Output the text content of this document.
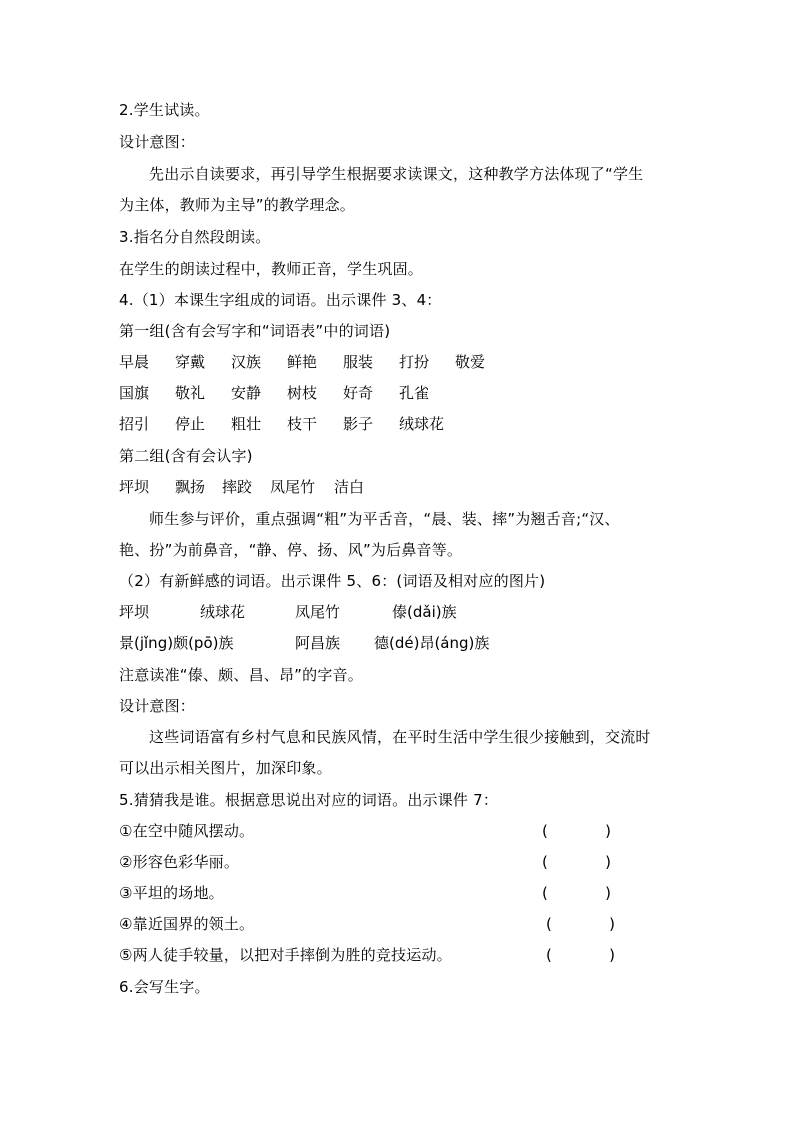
2.学生试读。
设计意图：
先出示自读要求，再引导学生根据要求读课文，这种教学方法体现了“学生
为主体，教师为主导”的教学理念。
3.指名分自然段朗读。
在学生的朗读过程中，教师正音，学生巩固。
4.（1）本课生字组成的词语。出示课件 3、4：
第一组(含有会写字和“词语表”中的词语)
早晨 穿戴 汉族 鲜艳 服装 打扮 敬爱
国旗 敬礼 安静 树枝 好奇 孔雀
招引 停止 粗壮 枝干 影子 绒球花
第二组(含有会认字)
坪坝 飘扬 摔跤 凤尾竹 洁白
师生参与评价，重点强调“粗”为平舌音，“晨、装、摔”为翘舌音;“汉、
艳、扮”为前鼻音，“静、停、扬、风”为后鼻音等。
（2）有新鲜感的词语。出示课件 5、6：(词语及相对应的图片)
坪坝	绒球花	凤尾竹	傣(dǎi)族
景(jǐng)颇(pō)族	阿昌族 德(dé)昂(áng)族
注意读准“傣、颇、昌、昂”的字音。
设计意图：
这些词语富有乡村气息和民族风情，在平时生活中学生很少接触到，交流时
可以出示相关图片，加深印象。
5.猜猜我是谁。根据意思说出对应的词语。出示课件 7：
①在空中随风摆动。	(            )
②形容色彩华丽。	(            )
③平坦的场地。	(            )
④靠近国界的领土。	(            )
⑤两人徒手较量，以把对手摔倒为胜的竞技运动。	(            )
6.会写生字。
